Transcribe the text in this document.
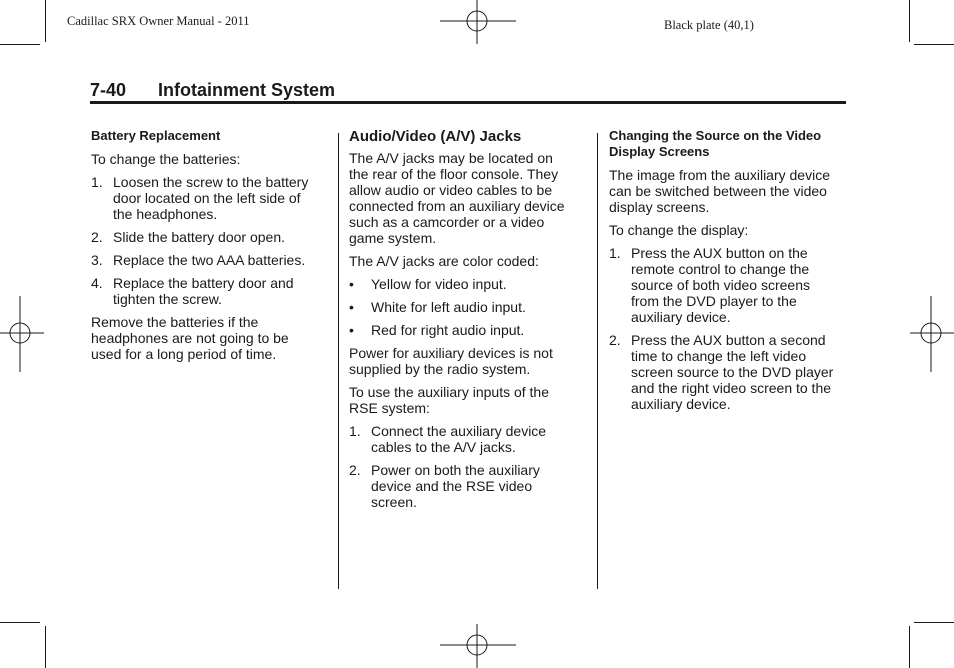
Cadillac SRX Owner Manual - 2011	Black plate (40,1)
7-40 Infotainment System
Battery Replacement

To change the batteries:

1. Loosen the screw to the battery door located on the left side of the headphones.
2. Slide the battery door open.
3. Replace the two AAA batteries.
4. Replace the battery door and tighten the screw.

Remove the batteries if the headphones are not going to be used for a long period of time.

Audio/Video (A/V) Jacks

The A/V jacks may be located on the rear of the floor console. They allow audio or video cables to be connected from an auxiliary device such as a camcorder or a video game system.

The A/V jacks are color coded:

• Yellow for video input.
• White for left audio input.
• Red for right audio input.

Power for auxiliary devices is not supplied by the radio system.

To use the auxiliary inputs of the RSE system:

1. Connect the auxiliary device cables to the A/V jacks.
2. Power on both the auxiliary device and the RSE video screen.
Changing the Source on the Video Display Screens

The image from the auxiliary device can be switched between the video display screens.

To change the display:

1. Press the AUX button on the remote control to change the source of both video screens from the DVD player to the auxiliary device.
2. Press the AUX button a second time to change the left video screen source to the DVD player and the right video screen to the auxiliary device.
